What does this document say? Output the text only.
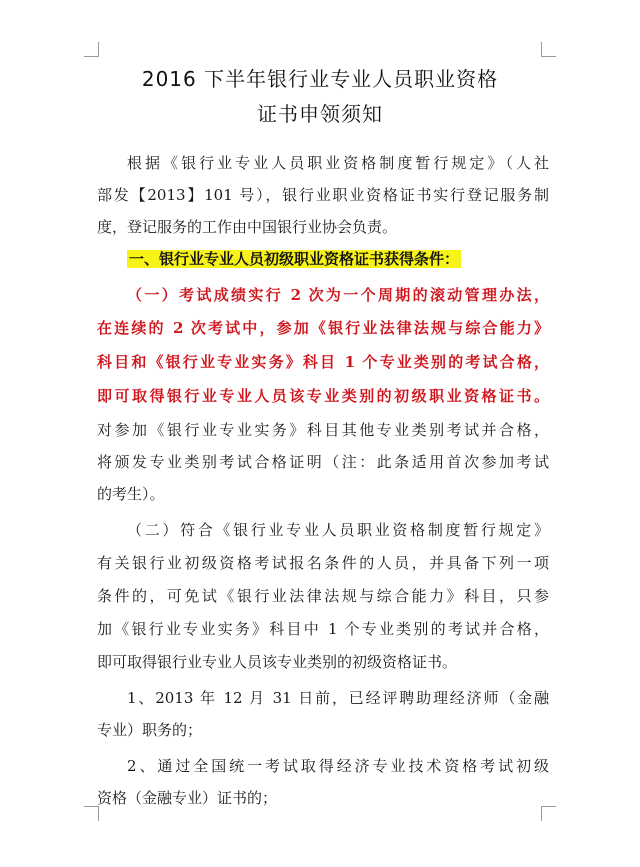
2016 下半年银行业专业人员职业资格
证书申领须知
根据《银行业专业人员职业资格制度暂行规定》（人社
部发【2013】101 号），银行业职业资格证书实行登记服务制
度，登记服务的工作由中国银行业协会负责。
一、银行业专业人员初级职业资格证书获得条件：
（一）考试成绩实行 2 次为一个周期的滚动管理办法，
在连续的 2 次考试中，参加《银行业法律法规与综合能力》
科目和《银行业专业实务》科目 1 个专业类别的考试合格，
即可取得银行业专业人员该专业类别的初级职业资格证书。
对参加《银行业专业实务》科目其他专业类别考试并合格，
将颁发专业类别考试合格证明（注：此条适用首次参加考试
的考生）。
（二）符合《银行业专业人员职业资格制度暂行规定》
有关银行业初级资格考试报名条件的人员，并具备下列一项
条件的，可免试《银行业法律法规与综合能力》科目，只参
加《银行业专业实务》科目中 1 个专业类别的考试并合格，
即可取得银行业专业人员该专业类别的初级资格证书。
1、2013 年 12 月 31 日前，已经评聘助理经济师（金融
专业）职务的；
2、通过全国统一考试取得经济专业技术资格考试初级
资格（金融专业）证书的；
